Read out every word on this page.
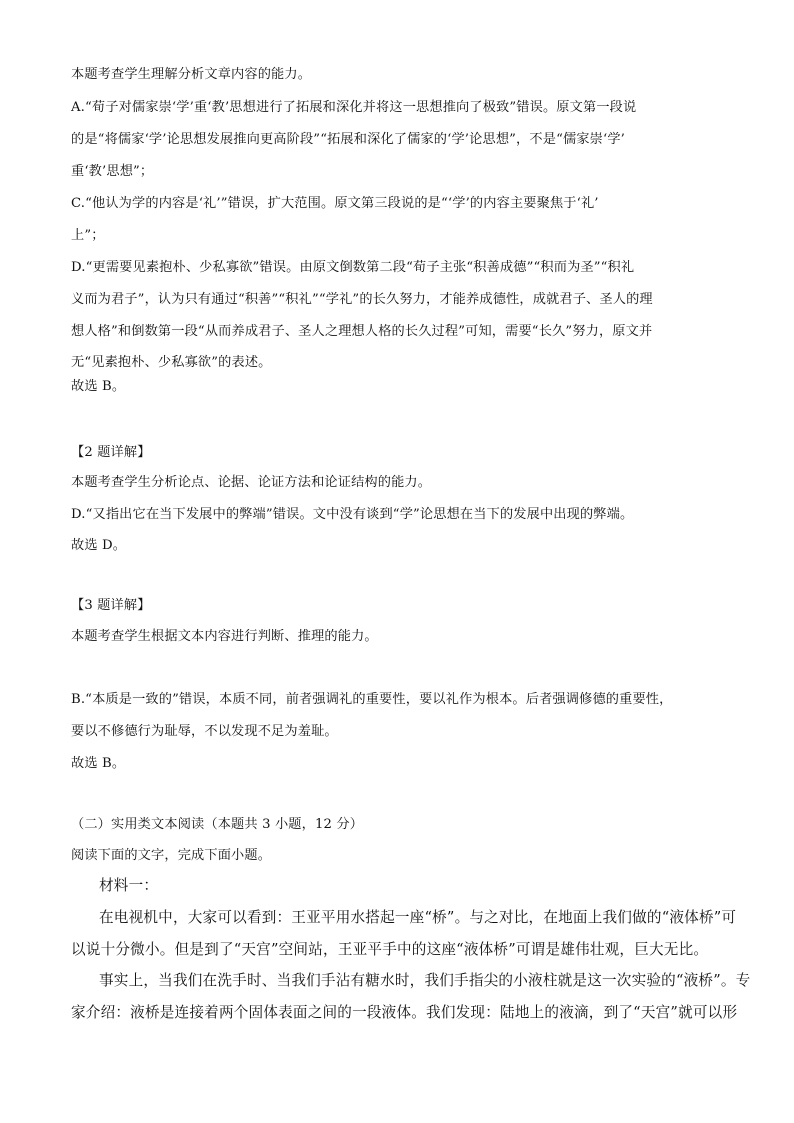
本题考查学生理解分析文章内容的能力。
A.“荀子对儒家崇‘学’重‘教’思想进行了拓展和深化并将这一思想推向了极致”错误。原文第一段说
的是“将儒家‘学’论思想发展推向更高阶段”“拓展和深化了儒家的‘学’论思想”，不是“儒家崇‘学’
重‘教’思想”；
C.“他认为学的内容是‘礼’”错误，扩大范围。原文第三段说的是“‘学’的内容主要聚焦于‘礼’
上”；
D.“更需要见素抱朴、少私寡欲”错误。由原文倒数第二段“荀子主张“积善成德”“积而为圣”“积礼
义而为君子”，认为只有通过“积善”“积礼”“学礼”的长久努力，才能养成德性，成就君子、圣人的理
想人格”和倒数第一段“从而养成君子、圣人之理想人格的长久过程”可知，需要“长久”努力，原文并
无“见素抱朴、少私寡欲”的表述。
故选 B。
【2 题详解】
本题考查学生分析论点、论据、论证方法和论证结构的能力。
D.“又指出它在当下发展中的弊端”错误。文中没有谈到“学”论思想在当下的发展中出现的弊端。
故选 D。
【3 题详解】
本题考查学生根据文本内容进行判断、推理的能力。
B.“本质是一致的”错误，本质不同，前者强调礼的重要性，要以礼作为根本。后者强调修德的重要性，
要以不修德行为耻辱，不以发现不足为羞耻。
故选 B。
（二）实用类文本阅读（本题共 3 小题，12 分）
阅读下面的文字，完成下面小题。
材料一：
在电视机中，大家可以看到：王亚平用水搭起一座“桥”。与之对比，在地面上我们做的“液体桥”可
以说十分微小。但是到了“天宫”空间站，王亚平手中的这座“液体桥”可谓是雄伟壮观，巨大无比。
事实上，当我们在洗手时、当我们手沾有糖水时，我们手指尖的小液柱就是这一次实验的“液桥”。专
家介绍：液桥是连接着两个固体表面之间的一段液体。我们发现：陆地上的液滴，到了“天宫”就可以形
